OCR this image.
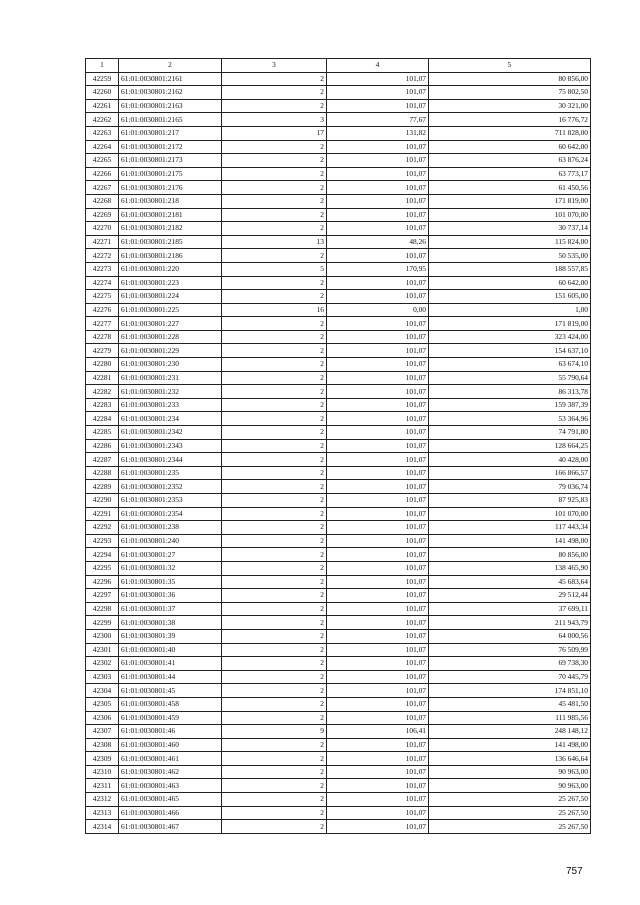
1	2	3	4	5
42259	61:01:0030801:2161	2	101,07	80 856,00
42260	61:01:0030801:2162	2	101,07	75 802,50
42261	61:01:0030801:2163	2	101,07	30 321,00
42262	61:01:0030801:2165	3	77,67	16 776,72
42263	61:01:0030801:217	17	131,82	711 828,00
42264	61:01:0030801:2172	2	101,07	60 642,00
42265	61:01:0030801:2173	2	101,07	63 876,24
42266	61:01:0030801:2175	2	101,07	63 773,17
42267	61:01:0030801:2176	2	101,07	61 450,56
42268	61:01:0030801:218	2	101,07	171 819,00
42269	61:01:0030801:2181	2	101,07	101 070,00
42270	61:01:0030801:2182	2	101,07	30 737,14
42271	61:01:0030801:2185	13	48,26	115 824,00
42272	61:01:0030801:2186	2	101,07	50 535,00
42273	61:01:0030801:220	5	170,95	188 557,85
42274	61:01:0030801:223	2	101,07	60 642,00
42275	61:01:0030801:224	2	101,07	151 605,00
42276	61:01:0030801:225	16	0,00	1,00
42277	61:01:0030801:227	2	101,07	171 819,00
42278	61:01:0030801:228	2	101,07	323 424,00
42279	61:01:0030801:229	2	101,07	154 637,10
42280	61:01:0030801:230	2	101,07	63 674,10
42281	61:01:0030801:231	2	101,07	55 790,64
42282	61:01:0030801:232	2	101,07	86 313,78
42283	61:01:0030801:233	2	101,07	159 387,39
42284	61:01:0030801:234	2	101,07	53 364,96
42285	61:01:0030801:2342	2	101,07	74 791,80
42286	61:01:0030801:2343	2	101,07	128 664,25
42287	61:01:0030801:2344	2	101,07	40 428,00
42288	61:01:0030801:235	2	101,07	166 866,57
42289	61:01:0030801:2352	2	101,07	79 036,74
42290	61:01:0030801:2353	2	101,07	87 925,83
42291	61:01:0030801:2354	2	101,07	101 070,00
42292	61:01:0030801:238	2	101,07	117 443,34
42293	61:01:0030801:240	2	101,07	141 498,00
42294	61:01:0030801:27	2	101,07	80 856,00
42295	61:01:0030801:32	2	101,07	138 465,90
42296	61:01:0030801:35	2	101,07	45 683,64
42297	61:01:0030801:36	2	101,07	29 512,44
42298	61:01:0030801:37	2	101,07	37 699,11
42299	61:01:0030801:38	2	101,07	211 943,79
42300	61:01:0030801:39	2	101,07	64 000,56
42301	61:01:0030801:40	2	101,07	76 509,99
42302	61:01:0030801:41	2	101,07	69 738,30
42303	61:01:0030801:44	2	101,07	70 445,79
42304	61:01:0030801:45	2	101,07	174 851,10
42305	61:01:0030801:458	2	101,07	45 481,50
42306	61:01:0030801:459	2	101,07	111 985,56
42307	61:01:0030801:46	9	106,41	248 148,12
42308	61:01:0030801:460	2	101,07	141 498,00
42309	61:01:0030801:461	2	101,07	136 646,64
42310	61:01:0030801:462	2	101,07	90 963,00
42311	61:01:0030801:463	2	101,07	90 963,00
42312	61:01:0030801:465	2	101,07	25 267,50
42313	61:01:0030801:466	2	101,07	25 267,50
42314	61:01:0030801:467	2	101,07	25 267,50
757
